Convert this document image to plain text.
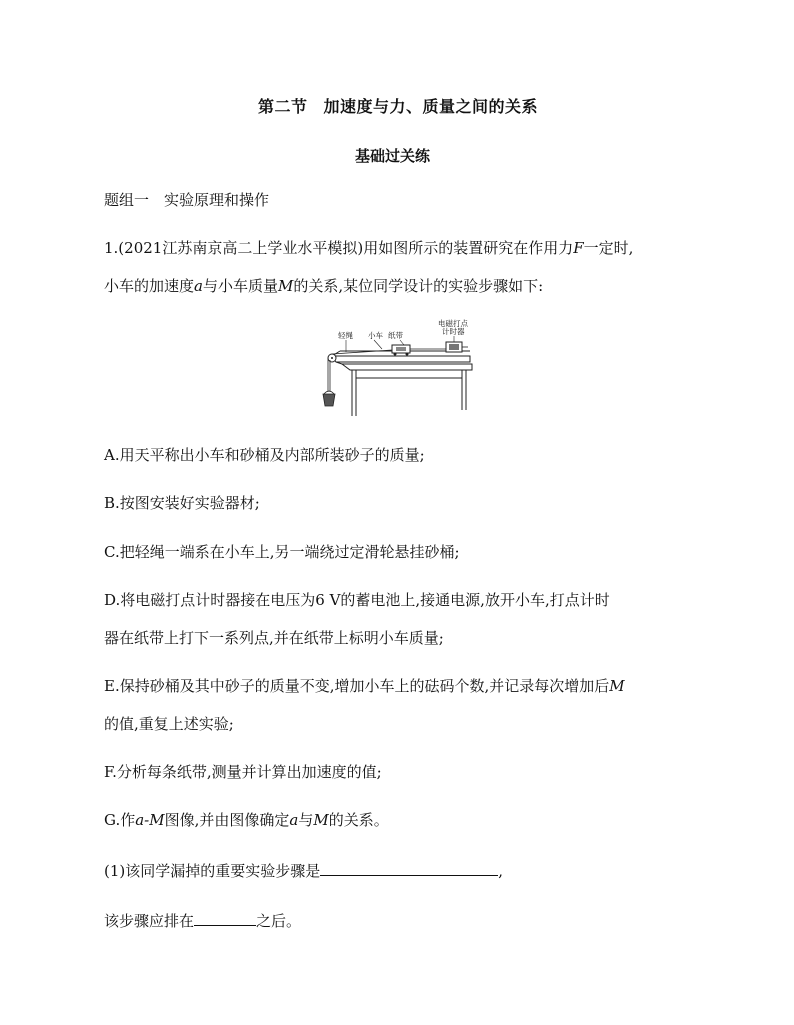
第二节 加速度与力、质量之间的关系
基础过关练
题组一　实验原理和操作
1.(2021江苏南京高二上学业水平模拟)用如图所示的装置研究在作用力F一定时,
小车的加速度a与小车质量M的关系,某位同学设计的实验步骤如下:
轻绳 小车 纸带
电磁打点
计时器
A.用天平称出小车和砂桶及内部所装砂子的质量;
B.按图安装好实验器材;
C.把轻绳一端系在小车上,另一端绕过定滑轮悬挂砂桶;
D.将电磁打点计时器接在电压为6 V的蓄电池上,接通电源,放开小车,打点计时
器在纸带上打下一系列点,并在纸带上标明小车质量;
E.保持砂桶及其中砂子的质量不变,增加小车上的砝码个数,并记录每次增加后M
的值,重复上述实验;
F.分析每条纸带,测量并计算出加速度的值;
G.作a-M图像,并由图像确定a与M的关系。
(1)该同学漏掉的重要实验步骤是	,
该步骤应排在	之后。
